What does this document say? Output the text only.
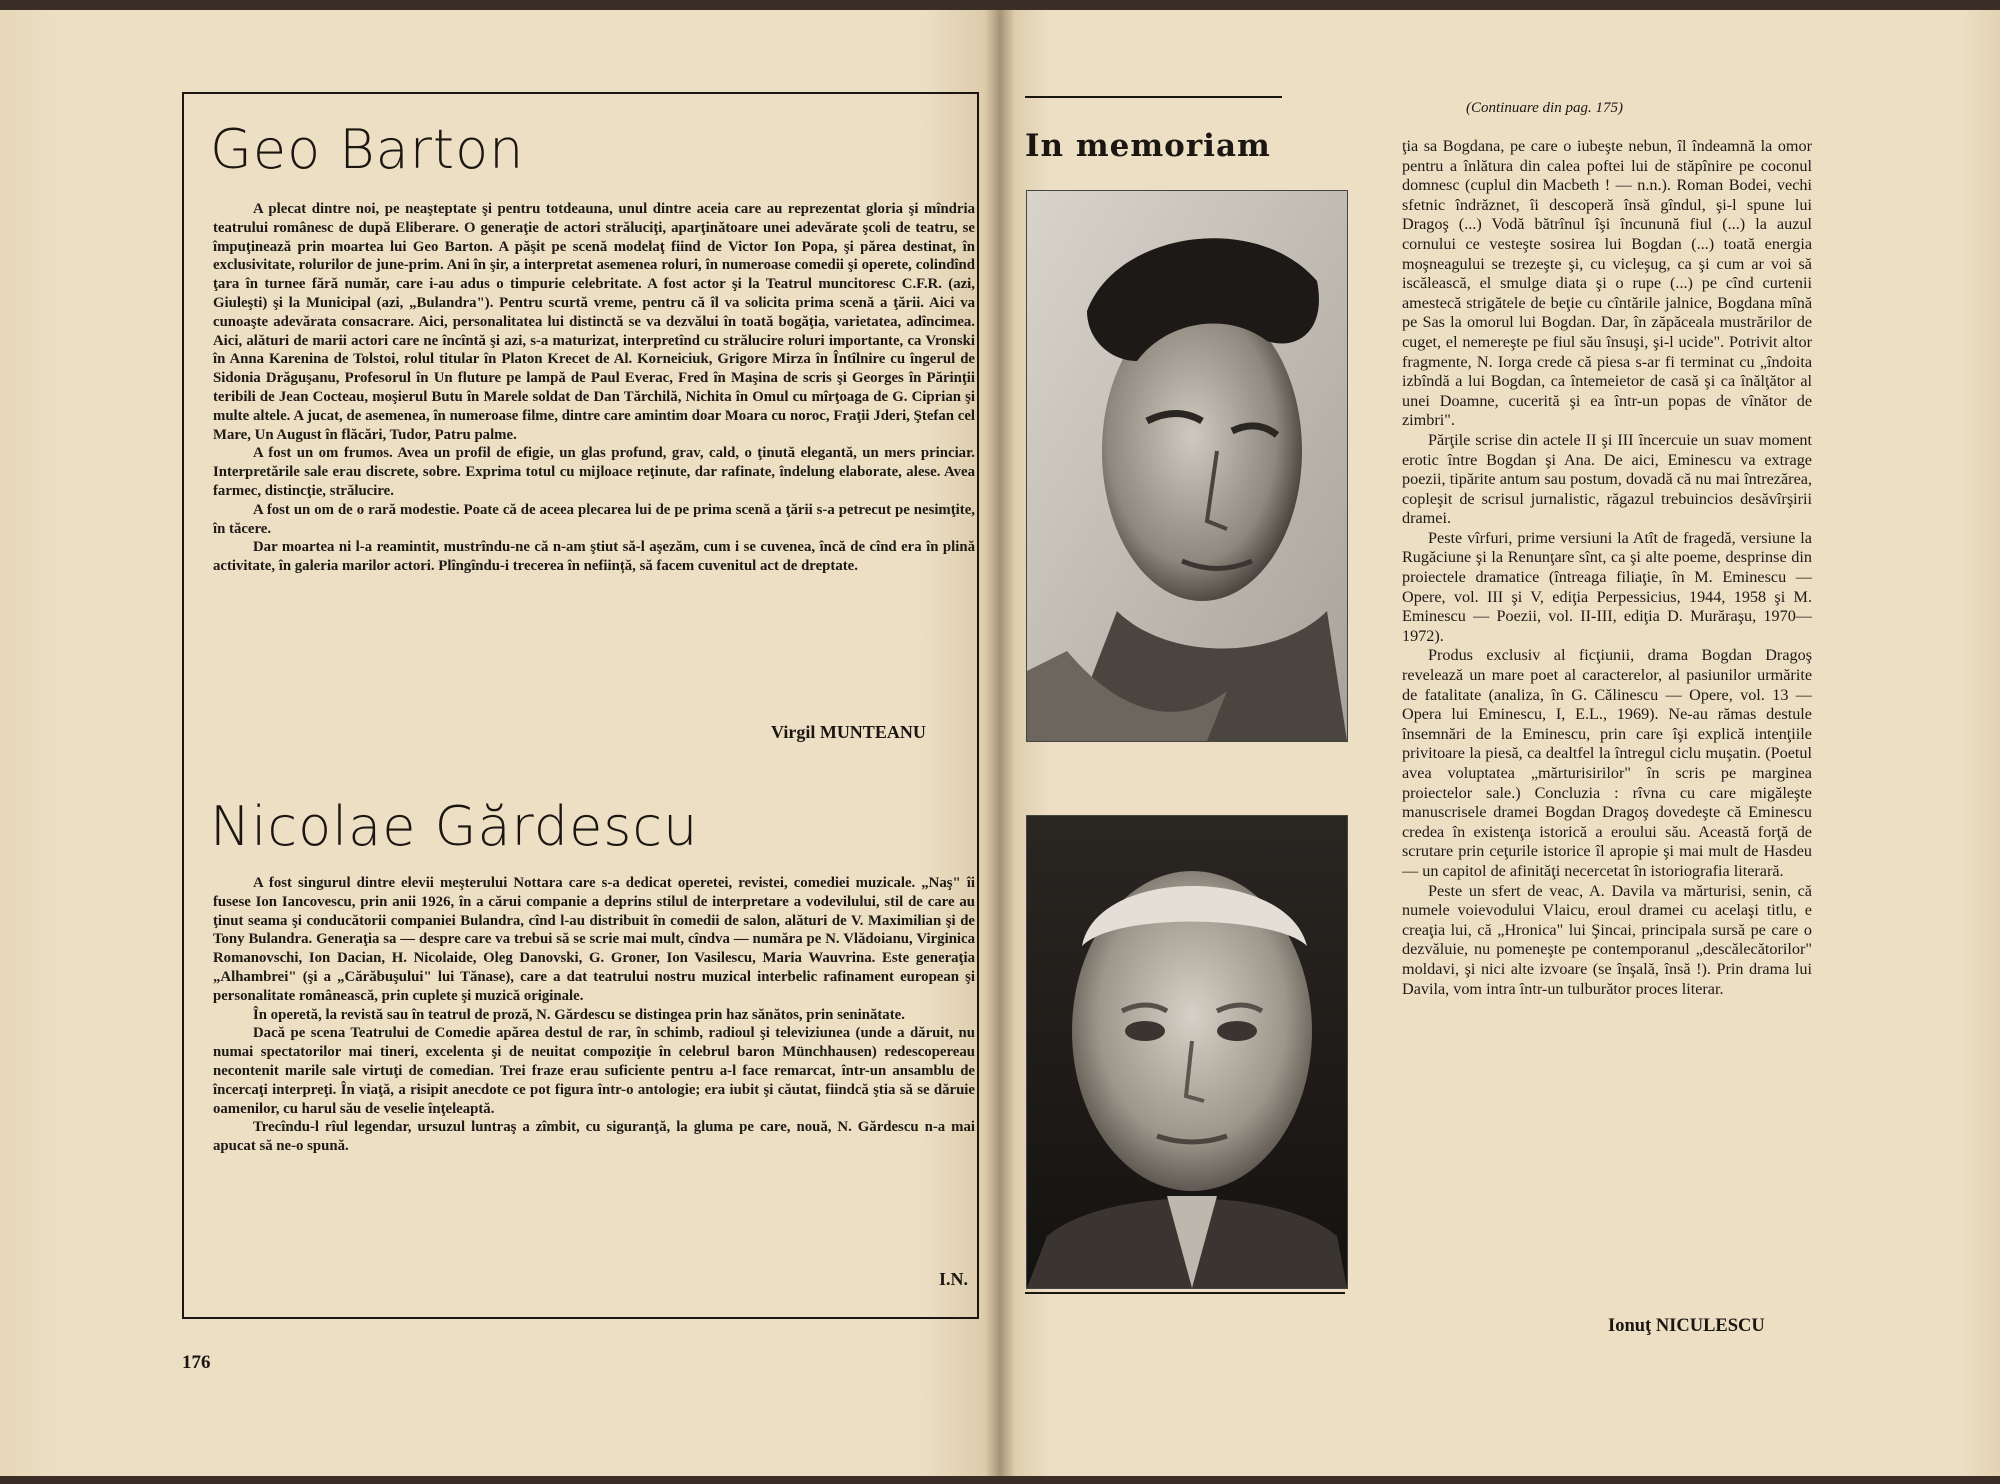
Geo Barton

A plecat dintre noi, pe neaşteptate şi pentru totdeauna, unul dintre aceia care au reprezentat gloria şi mîndria teatrului românesc de după Eliberare. O generaţie de actori străluciţi, aparţinătoare unei adevărate şcoli de teatru, se împuţinează prin moartea lui Geo Barton. A păşit pe scenă modelaţ fiind de Victor Ion Popa, şi părea destinat, în exclusivitate, rolurilor de june-prim. Ani în şir, a interpretat asemenea roluri, în numeroase comedii şi operete, colindînd ţara în turnee fără număr, care i-au adus o timpurie celebritate. A fost actor şi la Teatrul muncitoresc C.F.R. (azi, Giuleşti) şi la Municipal (azi, „Bulandra"). Pentru scurtă vreme, pentru că îl va solicita prima scenă a ţării. Aici va cunoaşte adevărata consacrare. Aici, personalitatea lui distinctă se va dezvălui în toată bogăţia, varietatea, adîncimea. Aici, alături de marii actori care ne încîntă şi azi, s-a maturizat, interpretînd cu strălucire roluri importante, ca Vronski în Anna Karenina de Tolstoi, rolul titular în Platon Krecet de Al. Korneiciuk, Grigore Mirza în Întîlnire cu îngerul de Sidonia Drăguşanu, Profesorul în Un fluture pe lampă de Paul Everac, Fred în Maşina de scris şi Georges în Părinţii teribili de Jean Cocteau, moşierul Butu în Marele soldat de Dan Tărchilă, Nichita în Omul cu mîrţoaga de G. Ciprian şi multe altele. A jucat, de asemenea, în numeroase filme, dintre care amintim doar Moara cu noroc, Fraţii Jderi, Ştefan cel Mare, Un August în flăcări, Tudor, Patru palme.

A fost un om frumos. Avea un profil de efigie, un glas profund, grav, cald, o ţinută elegantă, un mers princiar. Interpretările sale erau discrete, sobre. Exprima totul cu mijloace reţinute, dar rafinate, îndelung elaborate, alese. Avea farmec, distincţie, strălucire.

A fost un om de o rară modestie. Poate că de aceea plecarea lui de pe prima scenă a ţării s-a petrecut pe nesimţite, în tăcere.

Dar moartea ni l-a reamintit, mustrîndu-ne că n-am ştiut să-l aşezăm, cum i se cuvenea, încă de cînd era în plină activitate, în galeria marilor actori. Plîngîndu-i trecerea în neființă, să facem cuvenitul act de dreptate.

Virgil MUNTEANU
Nicolae Gărdescu

A fost singurul dintre elevii meşterului Nottara care s-a dedicat operetei, revistei, comediei muzicale. „Naş" îi fusese Ion Iancovescu, prin anii 1926, în a cărui companie a deprins stilul de interpretare a vodevilului, stil de care au ţinut seama şi conducătorii companiei Bulandra, cînd l-au distribuit în comedii de salon, alături de V. Maximilian şi de Tony Bulandra. Generaţia sa — despre care va trebui să se scrie mai mult, cîndva — număra pe N. Vlădoianu, Virginica Romanovschi, Ion Dacian, H. Nicolaide, Oleg Danovski, G. Groner, Ion Vasilescu, Maria Wauvrina. Este generaţia „Alhambrei" (şi a „Cărăbuşului" lui Tănase), care a dat teatrului nostru muzical interbelic rafinament european şi personalitate românească, prin cuplete şi muzică originale.

În operetă, la revistă sau în teatrul de proză, N. Gărdescu se distingea prin haz sănătos, prin seninătate.

Dacă pe scena Teatrului de Comedie apărea destul de rar, în schimb, radioul şi televiziunea (unde a dăruit, nu numai spectatorilor mai tineri, excelenta şi de neuitat compoziţie în celebrul baron Münchhausen) redescopereau necontenit marile sale virtuţi de comedian. Trei fraze erau suficiente pentru a-l face remarcat, într-un ansamblu de încercaţi interpreţi. În viaţă, a risipit anecdote ce pot figura într-o antologie; era iubit şi căutat, fiindcă ştia să se dăruie oamenilor, cu harul său de veselie înţeleaptă.

Trecîndu-l rîul legendar, ursuzul luntraş a zîmbit, cu siguranţă, la gluma pe care, nouă, N. Gărdescu n-a mai apucat să ne-o spună.

I.N.
176
In memoriam
(Continuare din pag. 175)

ţia sa Bogdana, pe care o iubeşte nebun, îl îndeamnă la omor pentru a înlătura din calea poftei lui de stăpînire pe coconul domnesc (cuplul din Macbeth ! — n.n.). Roman Bodei, vechi sfetnic îndrăznet, îi descoperă însă gîndul, şi-l spune lui Dragoş (...) Vodă bătrînul îşi încunună fiul (...) la auzul cornului ce vesteşte sosirea lui Bogdan (...) toată energia moşneagului se trezeşte şi, cu vicleşug, ca şi cum ar voi să iscălească, el smulge diata şi o rupe (...) pe cînd curtenii amestecă strigătele de beţie cu cîntările jalnice, Bogdana mînă pe Sas la omorul lui Bogdan. Dar, în zăpăceala mustrărilor de cuget, el nemereşte pe fiul său însuşi, şi-l ucide". Potrivit altor fragmente, N. Iorga crede că piesa s-ar fi terminat cu „îndoita izbîndă a lui Bogdan, ca întemeietor de casă şi ca înălţător al unei Doamne, cucerită şi ea într-un popas de vînător de zimbri".

Părţile scrise din actele II şi III încercuie un suav moment erotic între Bogdan şi Ana. De aici, Eminescu va extrage poezii, tipărite antum sau postum, dovadă că nu mai întrezărea, copleşit de scrisul jurnalistic, răgazul trebuincios desăvîrşirii dramei.

Peste vîrfuri, prime versiuni la Atît de fragedă, versiune la Rugăciune şi la Renunţare sînt, ca şi alte poeme, desprinse din proiectele dramatice (întreaga filiaţie, în M. Eminescu — Opere, vol. III şi V, ediţia Perpessicius, 1944, 1958 şi M. Eminescu — Poezii, vol. II-III, ediţia D. Murăraşu, 1970—1972).

Produs exclusiv al ficţiunii, drama Bogdan Dragoş revelează un mare poet al caracterelor, al pasiunilor urmărite de fatalitate (analiza, în G. Călinescu — Opere, vol. 13 — Opera lui Eminescu, I, E.L., 1969). Ne-au rămas destule însemnări de la Eminescu, prin care îşi explică intenţiile privitoare la piesă, ca dealtfel la întregul ciclu muşatin. (Poetul avea voluptatea „mărturisirilor" în scris pe marginea proiectelor sale.) Concluzia : rîvna cu care migăleşte manuscrisele dramei Bogdan Dragoş dovedeşte că Eminescu credea în existenţa istorică a eroului său. Această forţă de scrutare prin ceţurile istorice îl apropie şi mai mult de Hasdeu — un capitol de afinităţi necercetat în istoriografia literară.

Peste un sfert de veac, A. Davila va mărturisi, senin, că numele voievodului Vlaicu, eroul dramei cu acelaşi titlu, e creaţia lui, că „Hronica" lui Şincai, principala sursă pe care o dezvăluie, nu pomeneşte pe contemporanul „descălecătorilor" moldavi, şi nici alte izvoare (se înşală, însă !). Prin drama lui Davila, vom intra într-un tulburător proces literar.

Ionuţ NICULESCU
